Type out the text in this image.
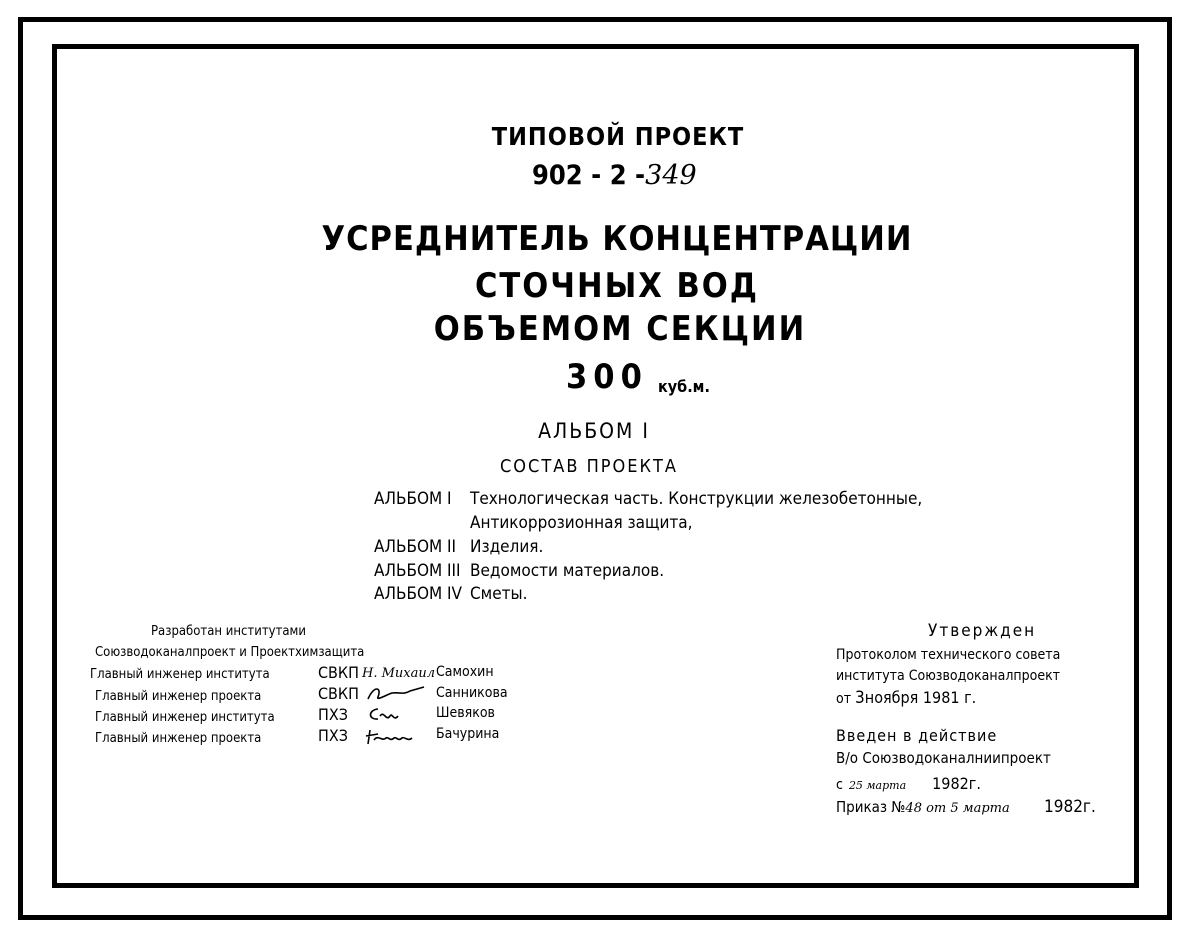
ТИПОВОЙ ПРОЕКТ
902 - 2 -349
УСРЕДНИТЕЛЬ КОНЦЕНТРАЦИИ
СТОЧНЫХ ВОД
ОБЪЕМОМ СЕКЦИИ
300 куб.м.
АЛЬБОМ I
СОСТАВ ПРОЕКТА
АЛЬБОМ I Технологическая часть. Конструкции железобетонные,
Антикоррозионная защита,
АЛЬБОМ II Изделия.
АЛЬБОМ III Ведомости материалов.
АЛЬБОМ IV Сметы.
Разработан институтами
Союзводоканалпроект и Проектхимзащита
Главный инженер института	СВКП Н. Михаил Самохин
Главный инженер проекта	СВКП	Санникова
Главный инженер института	ПХЗ	Шевяков
Главный инженер проекта	ПХЗ	Бачурина
Утвержден
Протоколом технического совета
института Союзводоканалпроект
от 3ноября 1981 г.
Введен в действие
В/о Союзводоканалниипроект
с 25 марта 1982г.
Приказ №48 от 5 марта 1982г.
